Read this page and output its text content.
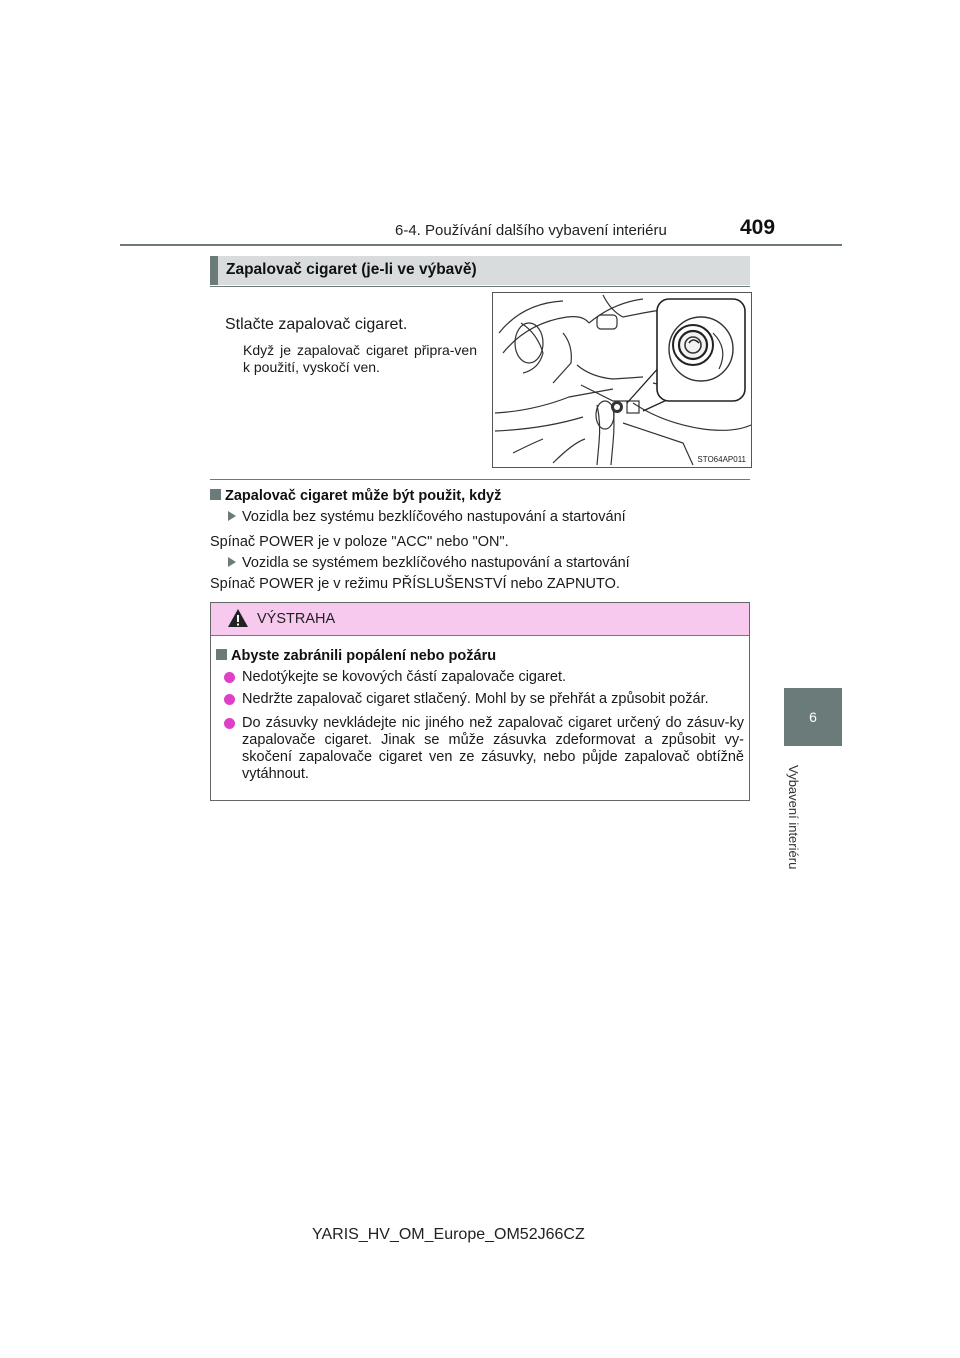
6-4. Používání dalšího vybavení interiéru	409
6
Vybavení interiéru
Zapalovač cigaret (je-li ve výbavě)
Stlačte zapalovač cigaret.
Když je zapalovač cigaret připra-ven k použití, vyskočí ven.
STO64AP011
Zapalovač cigaret může být použit, když
Vozidla bez systému bezklíčového nastupování a startování
Spínač POWER je v poloze "ACC" nebo "ON".
Vozidla se systémem bezklíčového nastupování a startování
Spínač POWER je v režimu PŘÍSLUŠENSTVÍ nebo ZAPNUTO.
VÝSTRAHA
Abyste zabránili popálení nebo požáru
Nedotýkejte se kovových částí zapalovače cigaret.
Nedržte zapalovač cigaret stlačený. Mohl by se přehřát a způsobit požár.
Do zásuvky nevkládejte nic jiného než zapalovač cigaret určený do zásuv-ky zapalovače cigaret. Jinak se může zásuvka zdeformovat a způsobit vy-skočení zapalovače cigaret ven ze zásuvky, nebo půjde zapalovač obtížně vytáhnout.
YARIS_HV_OM_Europe_OM52J66CZ
